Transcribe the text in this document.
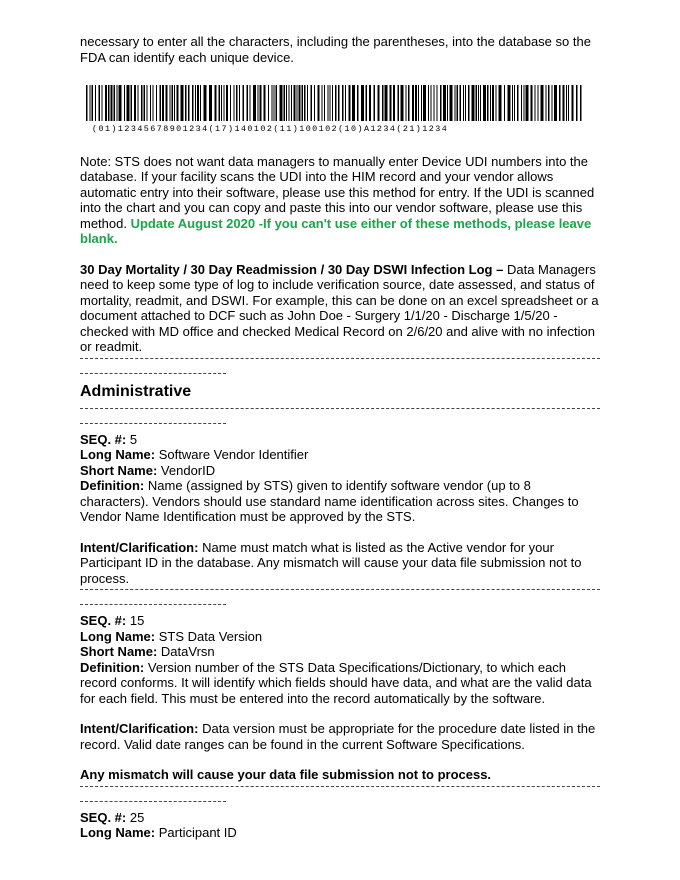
necessary to enter all the characters, including the parentheses, into the database so the FDA can identify each unique device.

(01)12345678901234(17)140102(11)100102(10)A1234(21)1234

Note: STS does not want data managers to manually enter Device UDI numbers into the database. If your facility scans the UDI into the HIM record and your vendor allows automatic entry into their software, please use this method for entry. If the UDI is scanned into the chart and you can copy and paste this into our vendor software, please use this method. Update August 2020 -If you can't use either of these methods, please leave blank.

30 Day Mortality / 30 Day Readmission / 30 Day DSWI Infection Log – Data Managers need to keep some type of log to include verification source, date assessed, and status of mortality, readmit, and DSWI. For example, this can be done on an excel spreadsheet or a document attached to DCF such as John Doe - Surgery 1/1/20 - Discharge 1/5/20 - checked with MD office and checked Medical Record on 2/6/20 and alive with no infection or readmit.

Administrative

SEQ. #: 5

Long Name: Software Vendor Identifier

Short Name: VendorID

Definition: Name (assigned by STS) given to identify software vendor (up to 8 characters). Vendors should use standard name identification across sites. Changes to Vendor Name Identification must be approved by the STS.

Intent/Clarification: Name must match what is listed as the Active vendor for your Participant ID in the database. Any mismatch will cause your data file submission not to process.

SEQ. #: 15

Long Name: STS Data Version

Short Name: DataVrsn

Definition: Version number of the STS Data Specifications/Dictionary, to which each record conforms. It will identify which fields should have data, and what are the valid data for each field. This must be entered into the record automatically by the software.

Intent/Clarification: Data version must be appropriate for the procedure date listed in the record. Valid date ranges can be found in the current Software Specifications.

Any mismatch will cause your data file submission not to process.

SEQ. #: 25

Long Name: Participant ID
